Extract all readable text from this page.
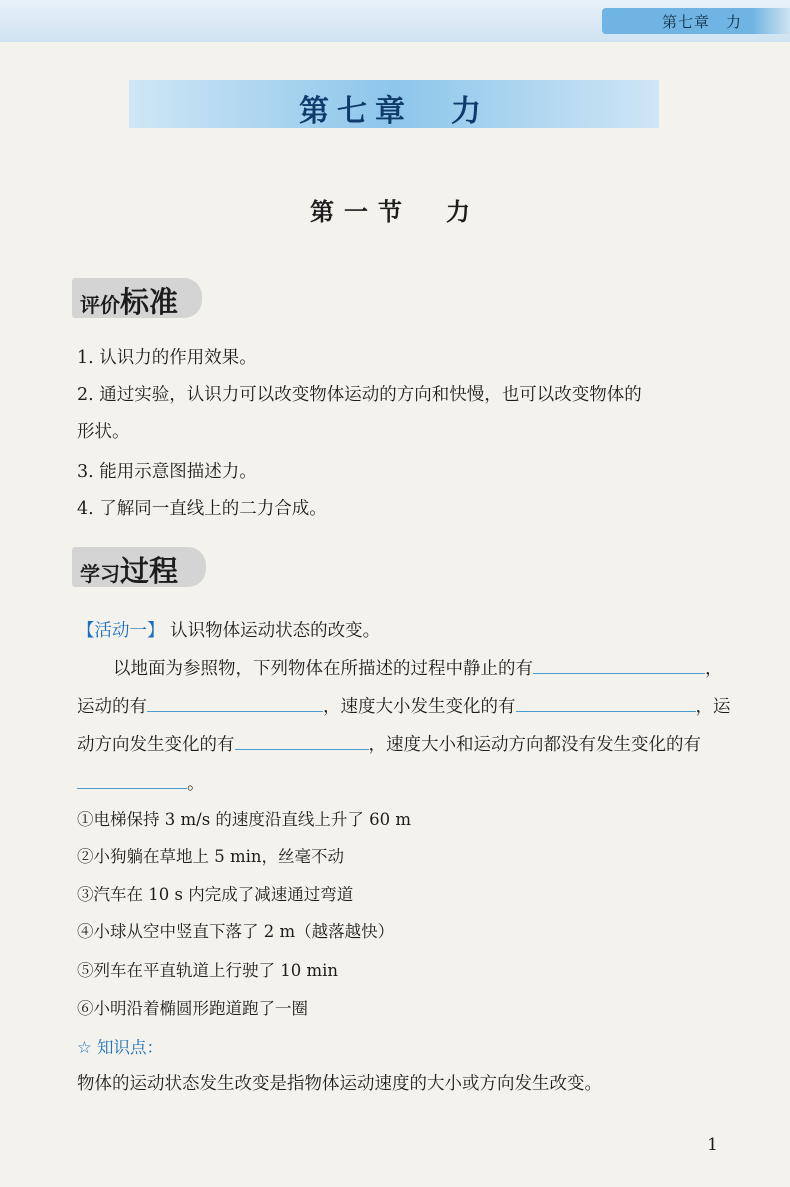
第七章　力
第七章　力
第一节　力
评价标准
1. 认识力的作用效果。
2. 通过实验，认识力可以改变物体运动的方向和快慢，也可以改变物体的
形状。
3. 能用示意图描述力。
4. 了解同一直线上的二力合成。
学习过程
【活动一】 认识物体运动状态的改变。
以地面为参照物，下列物体在所描述的过程中静止的有	，
运动的有	，速度大小发生变化的有	，运
动方向发生变化的有	，速度大小和运动方向都没有发生变化的有
。
①电梯保持 3 m/s 的速度沿直线上升了 60 m
②小狗躺在草地上 5 min，丝毫不动
③汽车在 10 s 内完成了减速通过弯道
④小球从空中竖直下落了 2 m（越落越快）
⑤列车在平直轨道上行驶了 10 min
⑥小明沿着椭圆形跑道跑了一圈
☆ 知识点：
物体的运动状态发生改变是指物体运动速度的大小或方向发生改变。
1
